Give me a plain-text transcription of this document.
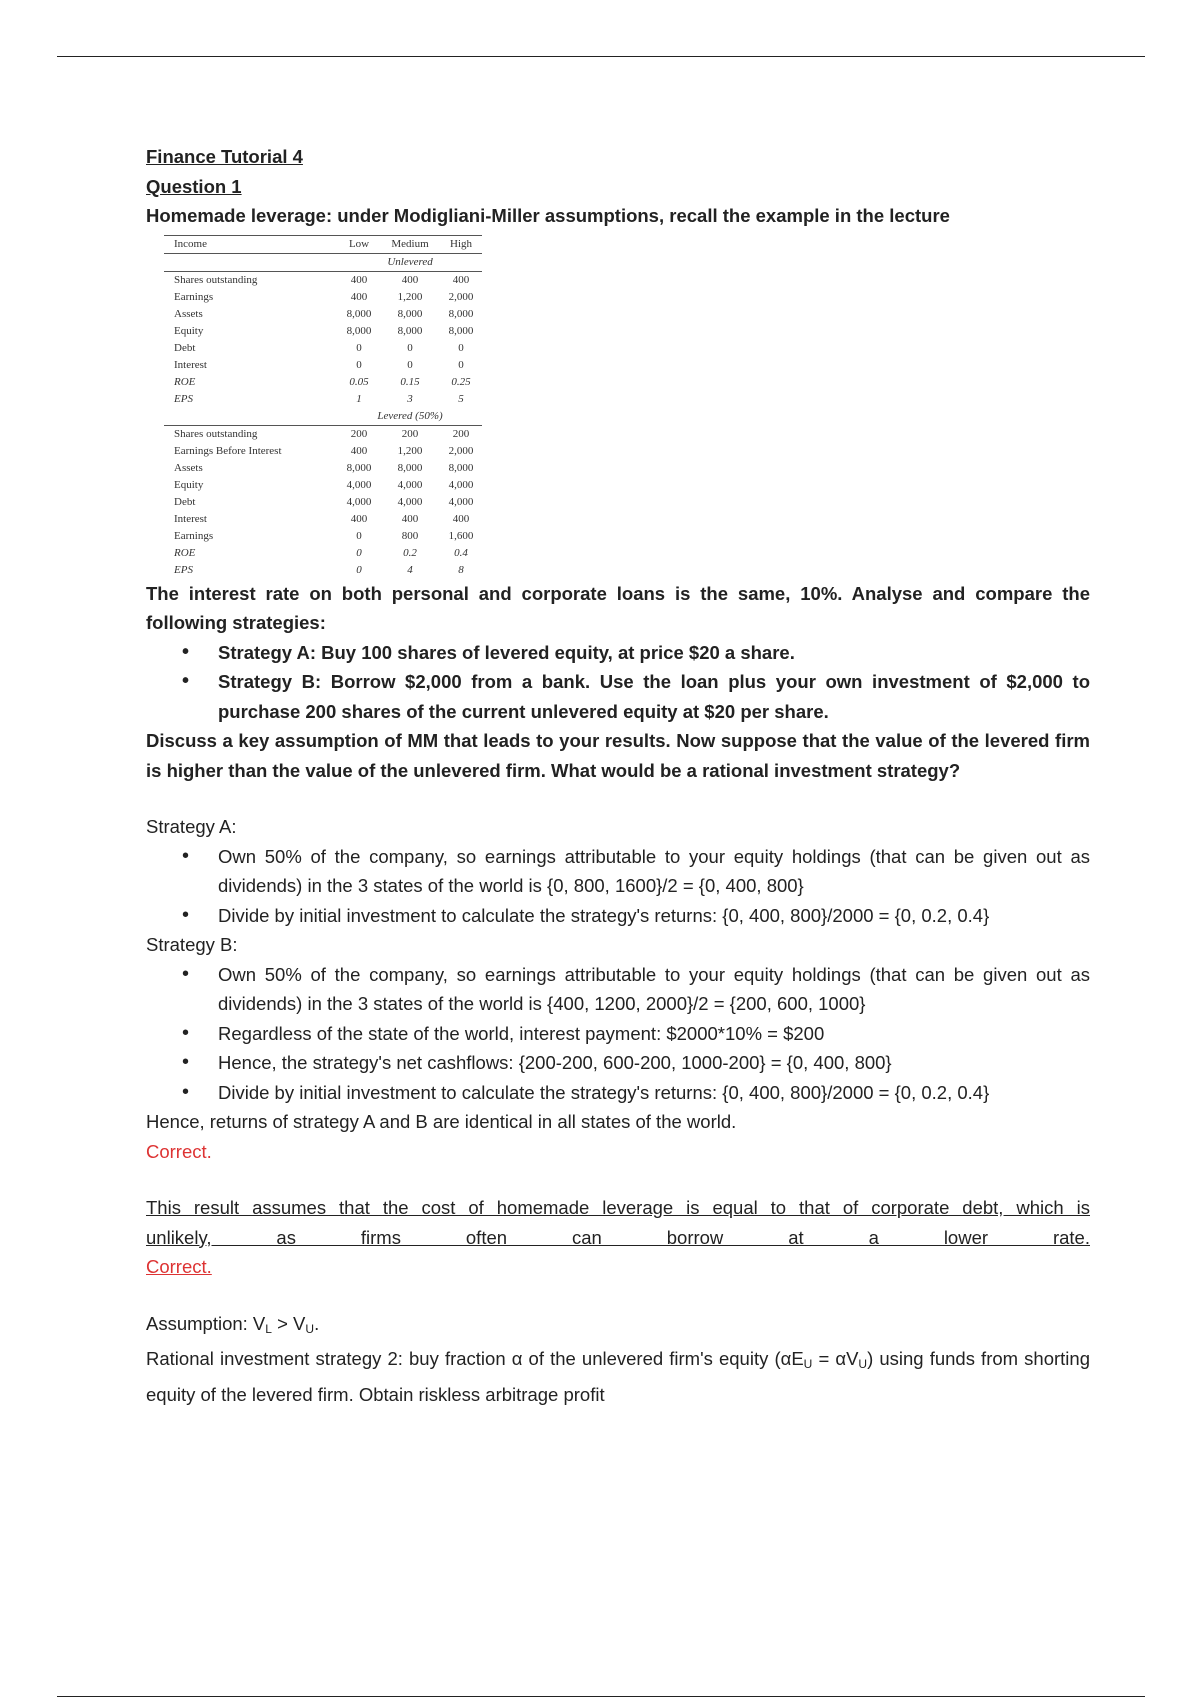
Finance Tutorial 4

Question 1

Homemade leverage: under Modigliani-Miller assumptions, recall the example in the lecture

Income	Low	Medium	High
	Unlevered		
Shares outstanding	400	400	400
Earnings	400	1,200	2,000
Assets	8,000	8,000	8,000
Equity	8,000	8,000	8,000
Debt	0	0	0
Interest	0	0	0
ROE	0.05	0.15	0.25
EPS	1	3	5
	Levered (50%)		
Shares outstanding	200	200	200
Earnings Before Interest	400	1,200	2,000
Assets	8,000	8,000	8,000
Equity	4,000	4,000	4,000
Debt	4,000	4,000	4,000
Interest	400	400	400
Earnings	0	800	1,600
ROE	0	0.2	0.4
EPS	0	4	8

The interest rate on both personal and corporate loans is the same, 10%. Analyse and compare the following strategies:

• Strategy A: Buy 100 shares of levered equity, at price $20 a share.
• Strategy B: Borrow $2,000 from a bank. Use the loan plus your own investment of $2,000 to purchase 200 shares of the current unlevered equity at $20 per share.

Discuss a key assumption of MM that leads to your results. Now suppose that the value of the levered firm is higher than the value of the unlevered firm. What would be a rational investment strategy?

Strategy A:

• Own 50% of the company, so earnings attributable to your equity holdings (that can be given out as dividends) in the 3 states of the world is {0, 800, 1600}/2 = {0, 400, 800}
• Divide by initial investment to calculate the strategy's returns: {0, 400, 800}/2000 = {0, 0.2, 0.4}

Strategy B:

• Own 50% of the company, so earnings attributable to your equity holdings (that can be given out as dividends) in the 3 states of the world is {400, 1200, 2000}/2 = {200, 600, 1000}
• Regardless of the state of the world, interest payment: $2000*10% = $200
• Hence, the strategy's net cashflows: {200-200, 600-200, 1000-200} = {0, 400, 800}
• Divide by initial investment to calculate the strategy's returns: {0, 400, 800}/2000 = {0, 0.2, 0.4}

Hence, returns of strategy A and B are identical in all states of the world.

Correct.

This result assumes that the cost of homemade leverage is equal to that of corporate debt, which is

unlikely, as firms often can borrow at a lower rate.

Correct.

Assumption: $V_L > V_U$.

Rational investment strategy 2: buy fraction α of the unlevered firm's equity $(\alpha E_U = \alpha V_U)$ using funds from shorting equity of the levered firm. Obtain riskless arbitrage profit
